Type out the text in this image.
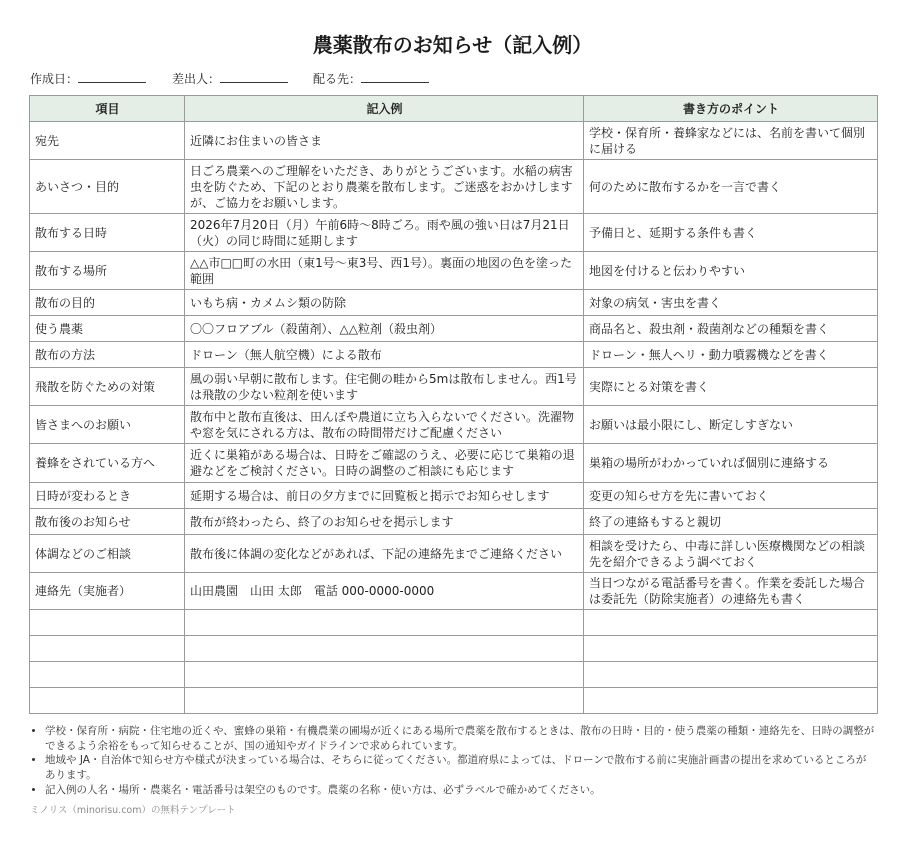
農薬散布のお知らせ（記入例）
作成日：	差出人：	配る先：
項目	記入例	書き方のポイント
宛先	近隣にお住まいの皆さま	学校・保育所・養蜂家などには、名前を書いて個別に届ける
あいさつ・目的	日ごろ農業へのご理解をいただき、ありがとうございます。水稲の病害虫を防ぐため、下記のとおり農薬を散布します。ご迷惑をおかけしますが、ご協力をお願いします。	何のために散布するかを一言で書く
散布する日時	2026年7月20日（月）午前6時〜8時ごろ。雨や風の強い日は7月21日（火）の同じ時間に延期します	予備日と、延期する条件も書く
散布する場所	△△市□□町の水田（東1号〜東3号、西1号）。裏面の地図の色を塗った範囲	地図を付けると伝わりやすい
散布の目的	いもち病・カメムシ類の防除	対象の病気・害虫を書く
使う農薬	〇〇フロアブル（殺菌剤）、△△粒剤（殺虫剤）	商品名と、殺虫剤・殺菌剤などの種類を書く
散布の方法	ドローン（無人航空機）による散布	ドローン・無人ヘリ・動力噴霧機などを書く
飛散を防ぐための対策	風の弱い早朝に散布します。住宅側の畦から5mは散布しません。西1号は飛散の少ない粒剤を使います	実際にとる対策を書く
皆さまへのお願い	散布中と散布直後は、田んぼや農道に立ち入らないでください。洗濯物や窓を気にされる方は、散布の時間帯だけご配慮ください	お願いは最小限にし、断定しすぎない
養蜂をされている方へ	近くに巣箱がある場合は、日時をご確認のうえ、必要に応じて巣箱の退避などをご検討ください。日時の調整のご相談にも応じます	巣箱の場所がわかっていれば個別に連絡する
日時が変わるとき	延期する場合は、前日の夕方までに回覧板と掲示でお知らせします	変更の知らせ方を先に書いておく
散布後のお知らせ	散布が終わったら、終了のお知らせを掲示します	終了の連絡もすると親切
体調などのご相談	散布後に体調の変化などがあれば、下記の連絡先までご連絡ください	相談を受けたら、中毒に詳しい医療機関などの相談先を紹介できるよう調べておく
連絡先（実施者）	山田農園　山田 太郎　電話 000-0000-0000	当日つながる電話番号を書く。作業を委託した場合は委託先（防除実施者）の連絡先も書く

• 学校・保育所・病院・住宅地の近くや、蜜蜂の巣箱・有機農業の圃場が近くにある場所で農薬を散布するときは、散布の日時・目的・使う農薬の種類・連絡先を、日時の調整ができるよう余裕をもって知らせることが、国の通知やガイドラインで求められています。
• 地域や JA・自治体で知らせ方や様式が決まっている場合は、そちらに従ってください。都道府県によっては、ドローンで散布する前に実施計画書の提出を求めているところがあります。
• 記入例の人名・場所・農薬名・電話番号は架空のものです。農薬の名称・使い方は、必ずラベルで確かめてください。
ミノリス（minorisu.com）の無料テンプレート
